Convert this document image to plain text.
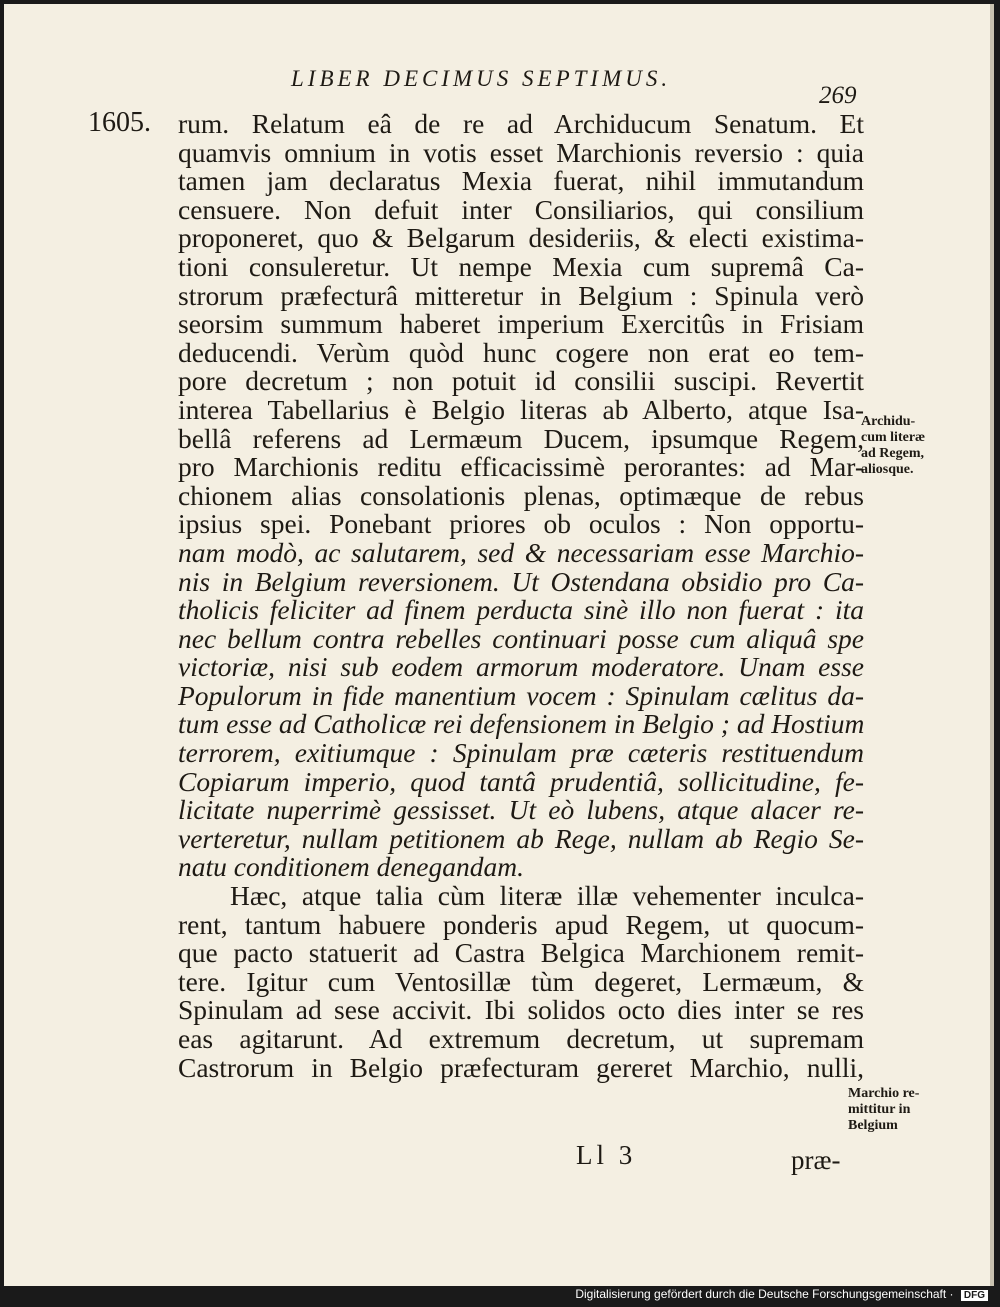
LIBER DECIMUS SEPTIMUS.
269
1605. rum. Relatum eâ de re ad Archiducum Senatum. Et
quamvis omnium in votis esset Marchionis reversio : quia
tamen jam declaratus Mexia fuerat, nihil immutandum
censuere. Non defuit inter Consiliarios, qui consilium
proponeret, quo & Belgarum desideriis, & electi existima-
tioni consuleretur. Ut nempe Mexia cum supremâ Ca-
strorum præfecturâ mitteretur in Belgium : Spinula verò
seorsim summum haberet imperium Exercitûs in Frisiam
deducendi. Verùm quòd hunc cogere non erat eo tem-
pore decretum ; non potuit id consilii suscipi. Revertit
interea Tabellarius è Belgio literas ab Alberto, atque Isa-
bellâ referens ad Lermæum Ducem, ipsumque Regem,
pro Marchionis reditu efficacissimè perorantes: ad Mar-
chionem alias consolationis plenas, optimæque de rebus
ipsius spei. Ponebant priores ob oculos : Non opportu-
nam modò, ac salutarem, sed & necessariam esse Marchio-
nis in Belgium reversionem. Ut Ostendana obsidio pro Ca-
tholicis feliciter ad finem perducta sinè illo non fuerat : ita
nec bellum contra rebelles continuari posse cum aliquâ spe
victoriæ, nisi sub eodem armorum moderatore. Unam esse
Populorum in fide manentium vocem : Spinulam cælitus da-
tum esse ad Catholicæ rei defensionem in Belgio ; ad Hostium
terrorem, exitiumque : Spinulam præ cæteris restituendum
Copiarum imperio, quod tantâ prudentiâ, sollicitudine, fe-
licitate nuperrimè gessisset. Ut eò lubens, atque alacer re-
verteretur, nullam petitionem ab Rege, nullam ab Regio Se-
natu conditionem denegandam.
Hæc, atque talia cùm literæ illæ vehementer inculca-
rent, tantum habuere ponderis apud Regem, ut quocum-
que pacto statuerit ad Castra Belgica Marchionem remit-
tere. Igitur cum Ventosillæ tùm degeret, Lermæum, &
Spinulam ad sese accivit. Ibi solidos octo dies inter se res
eas agitarunt. Ad extremum decretum, ut supremam
Castrorum in Belgio præfecturam gereret Marchio, nulli,
Archidu-
cum literæ
ad Regem,
aliosque.
Marchio re-
mittitur in
Belgium
Ll 3	præ-
Digitalisierung gefördert durch die Deutsche Forschungsgemeinschaft · DFG
